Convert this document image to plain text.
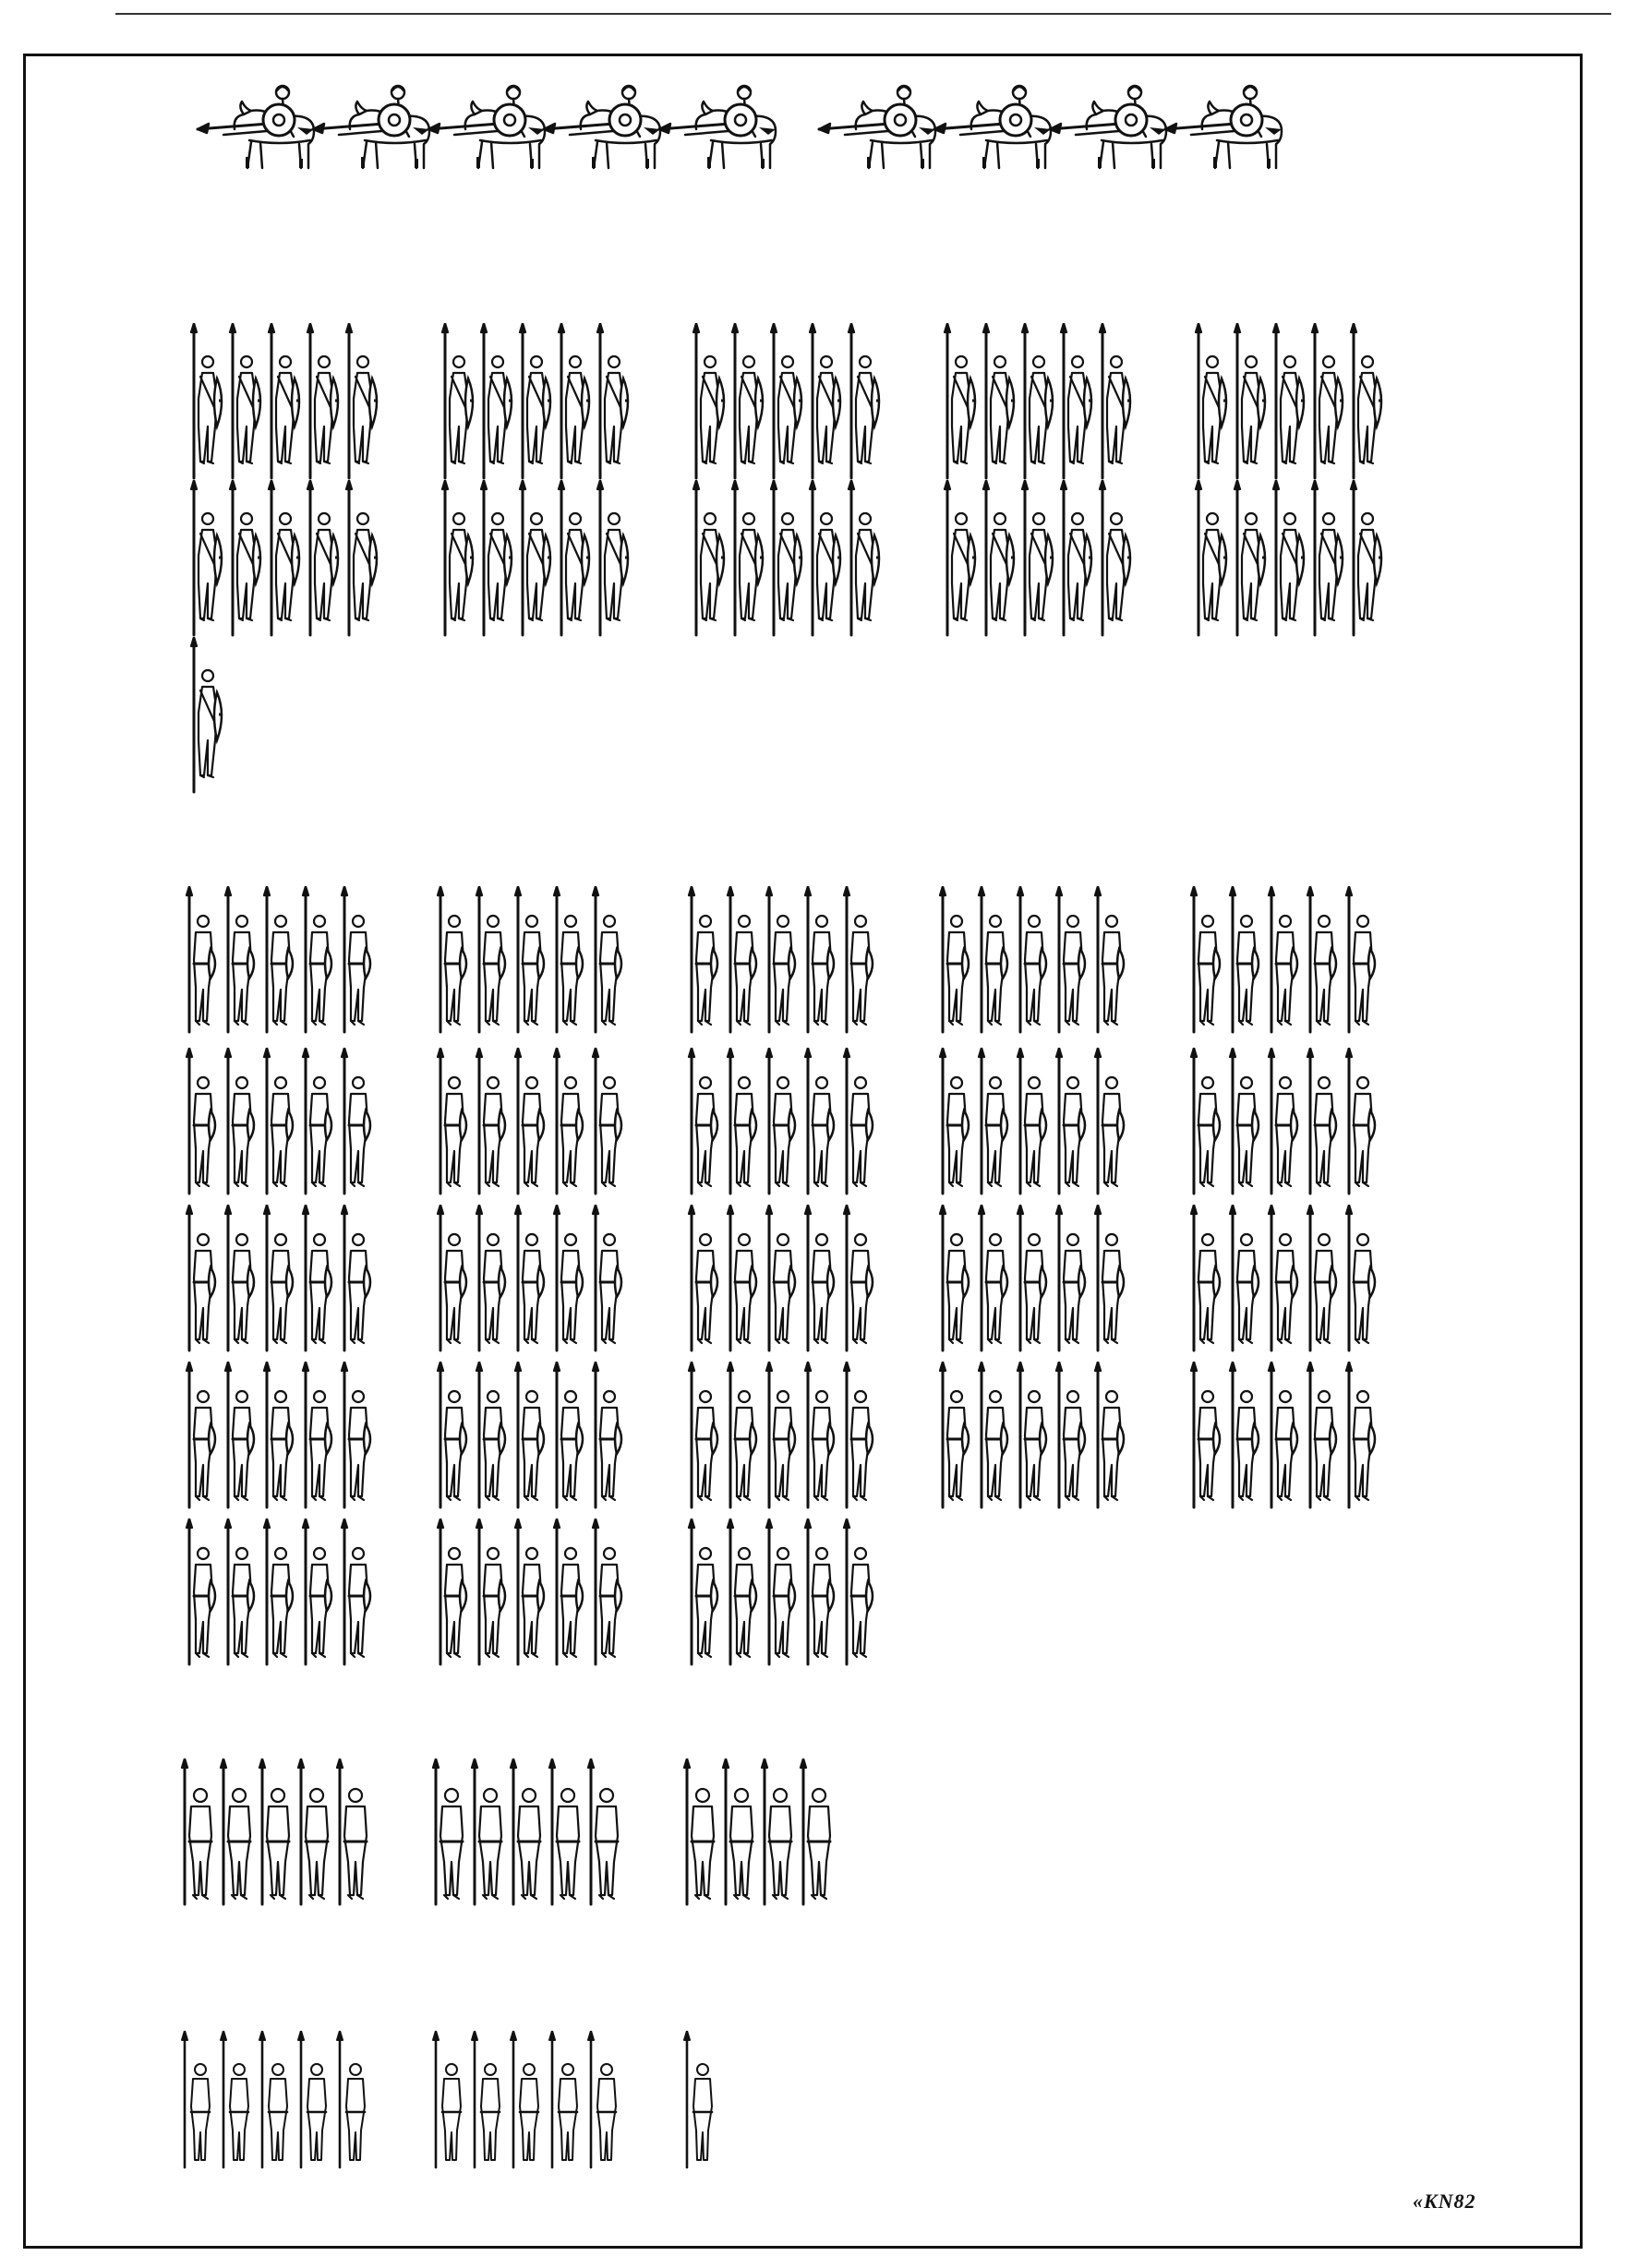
«KN82
